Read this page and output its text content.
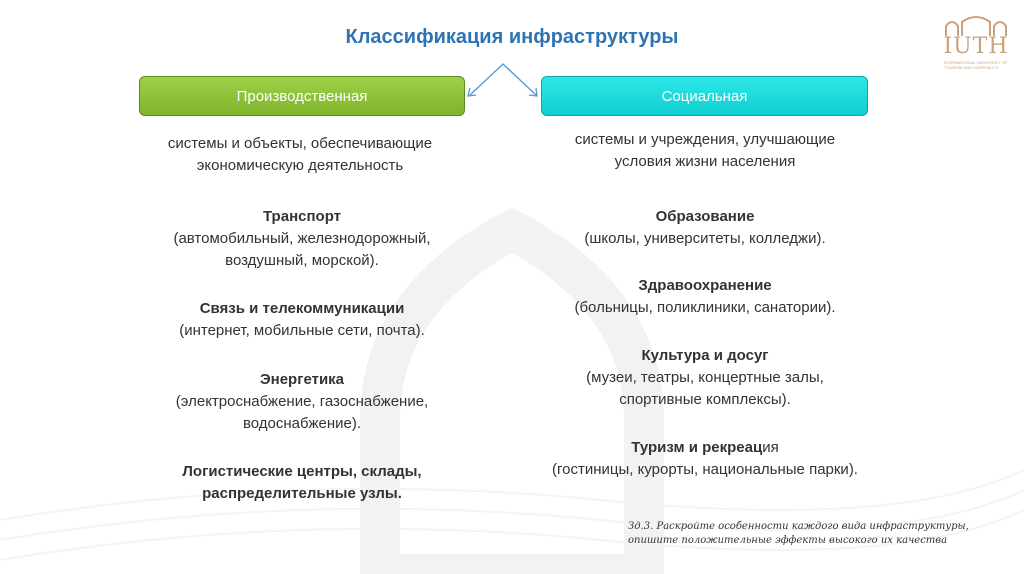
Классификация инфраструктуры	IUTH
INTERNATIONAL UNIVERSITY OF TOURISM AND HOSPITALITY
Производственная	Социальная
системы и объекты, обеспечивающие
экономическую деятельность
системы и учреждения, улучшающие
условия жизни населения
Транспорт
(автомобильный, железнодорожный,
воздушный, морской).
Связь и телекоммуникации
(интернет, мобильные сети, почта).
Энергетика
(электроснабжение, газоснабжение,
водоснабжение).
Логистические центры, склады,
распределительные узлы.
Образование
(школы, университеты, колледжи).
Здравоохранение
(больницы, поликлиники, санатории).
Культура и досуг
(музеи, театры, концертные залы,
спортивные комплексы).
Туризм и рекреация
(гостиницы, курорты, национальные парки).
Зд.3. Раскройте особенности каждого вида инфраструктуры,
опишите положительные эффекты высокого их качества
